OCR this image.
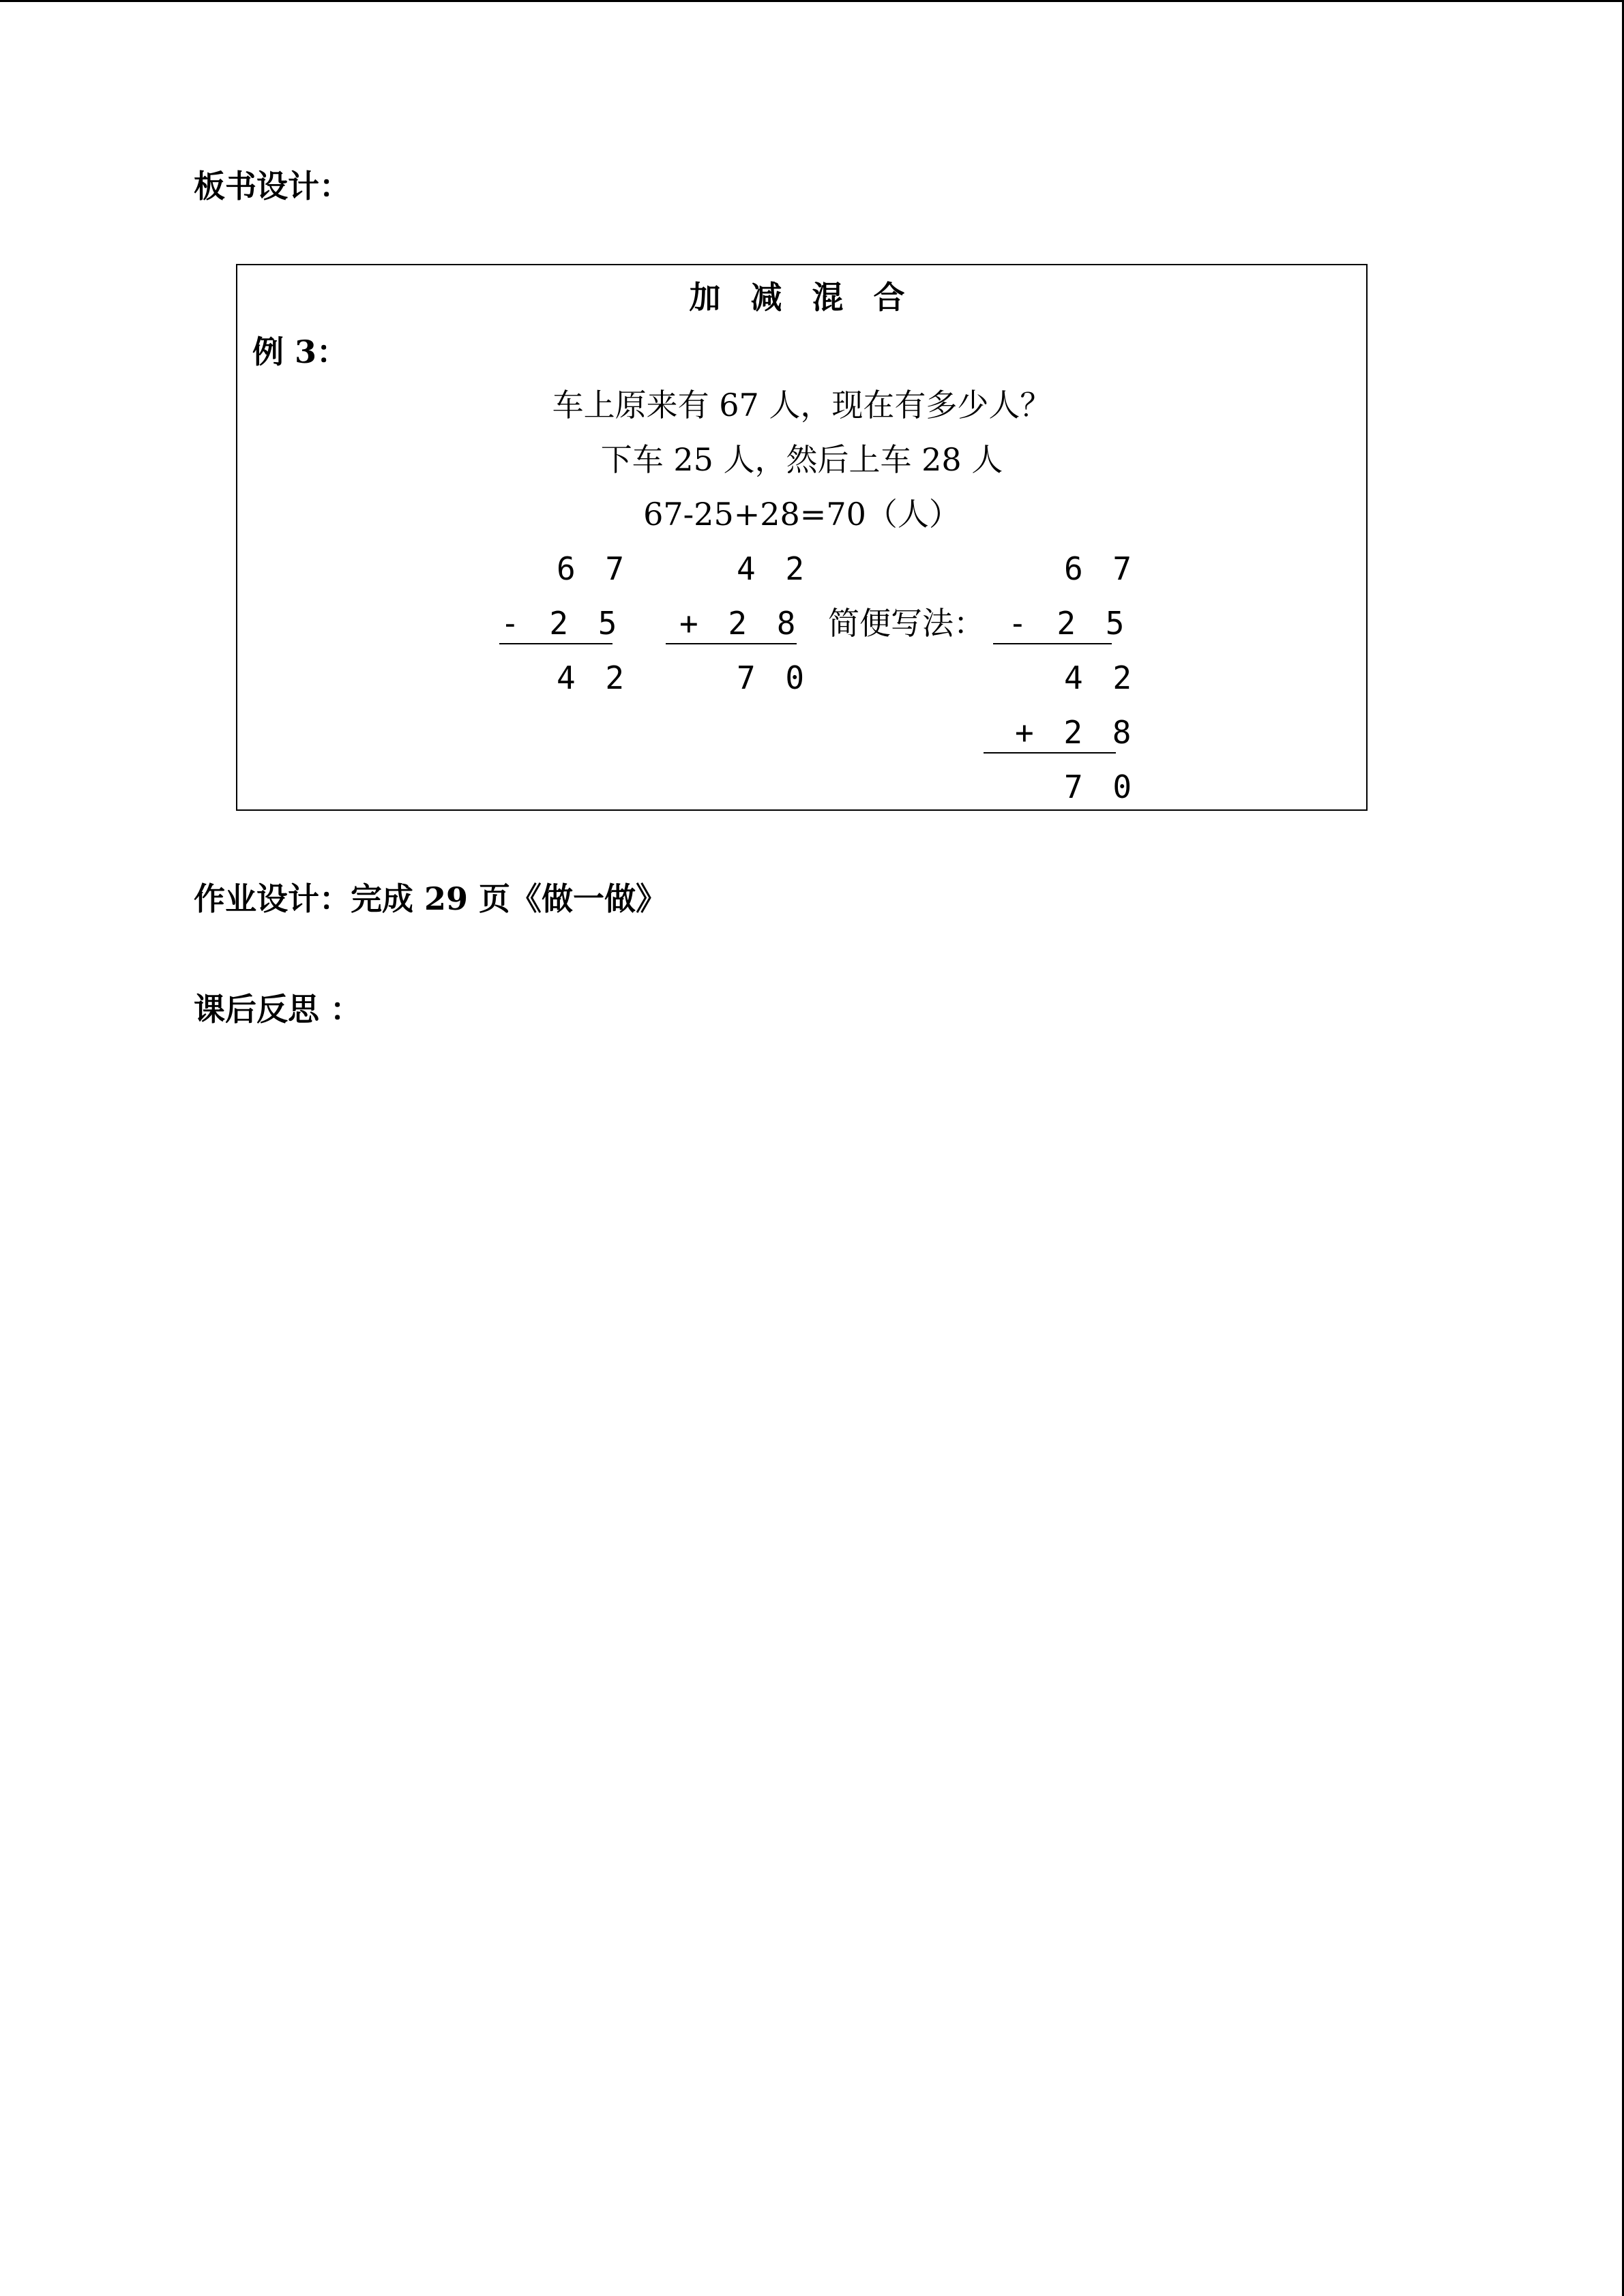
板书设计：
加 减 混 合
例 3：
车上原来有 67 人，现在有多少人？
下车 25 人，然后上车 28 人
67-25+28=70（人）
6 7
- 2 5
4 2
4 2
+ 2 8
7 0
简便写法：
6 7
- 2 5
4 2
+ 2 8
7 0
作业设计：完成 29 页《做一做》
课后反思 ：
